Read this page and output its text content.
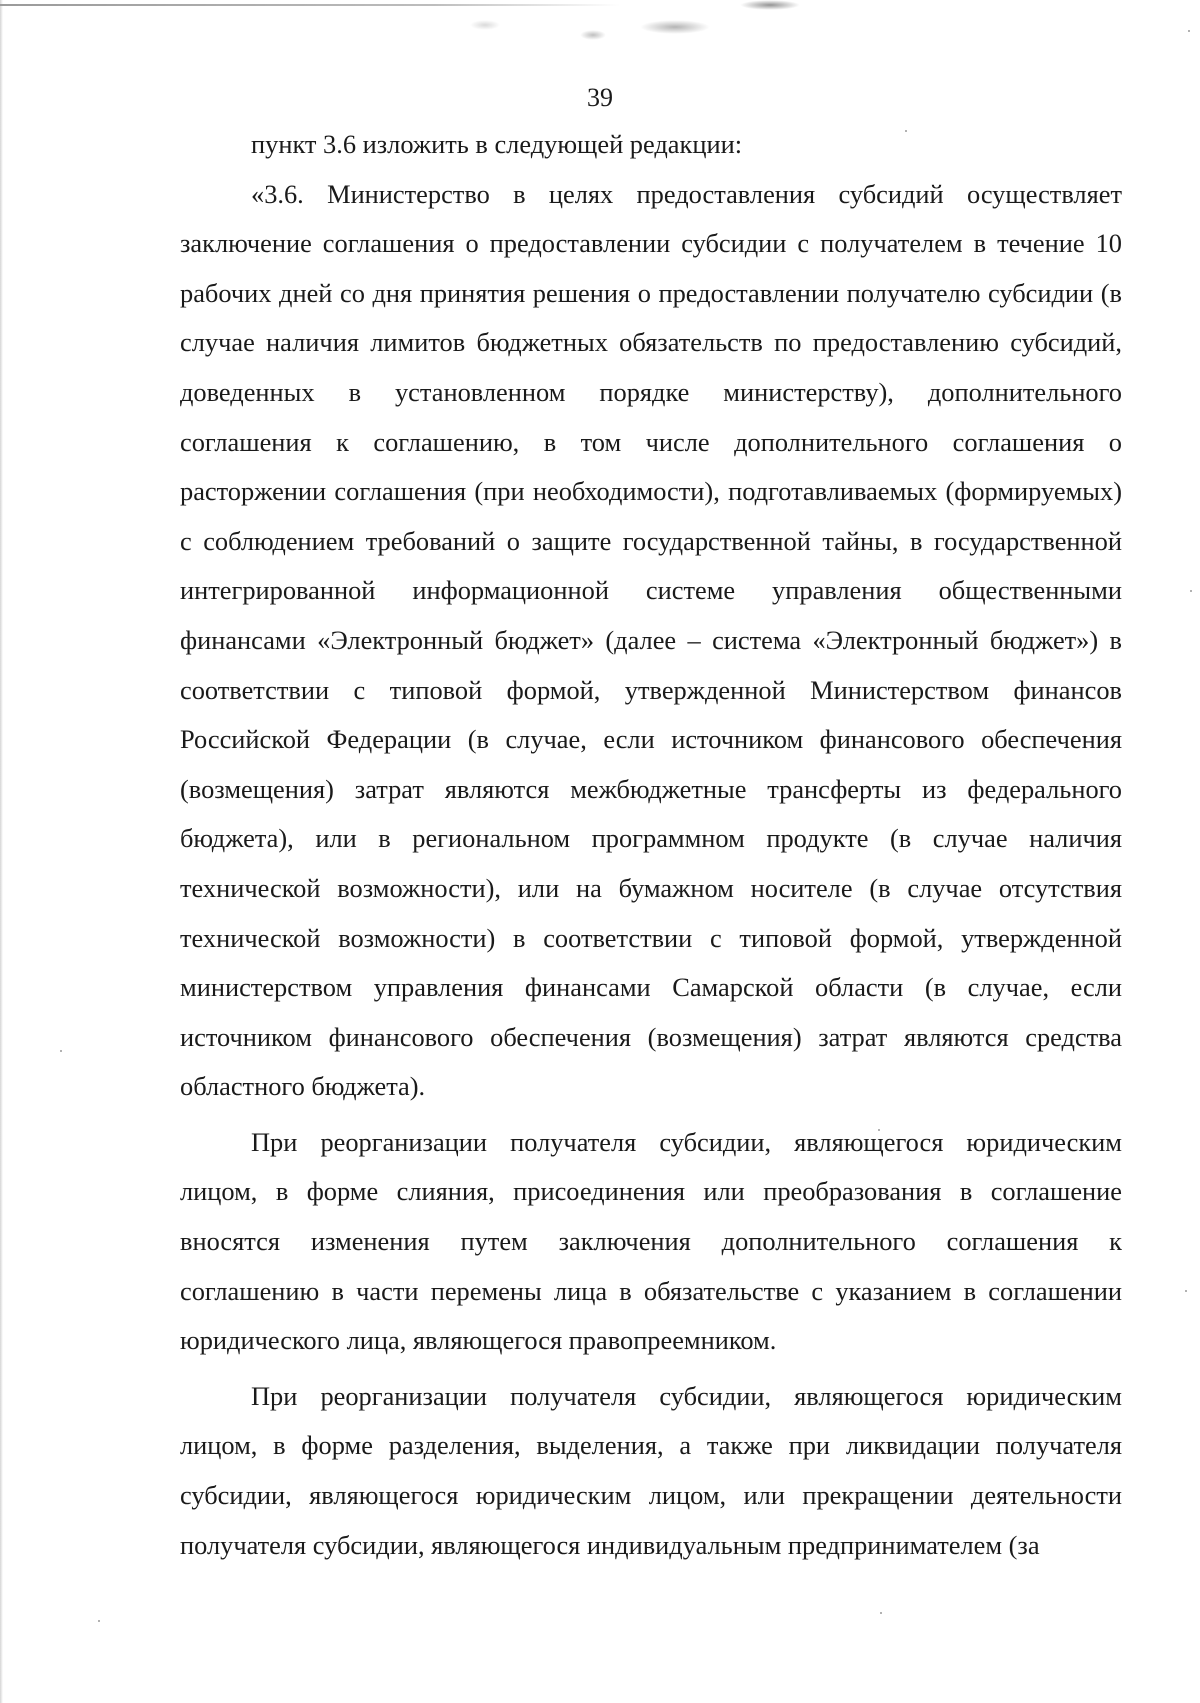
39

пункт 3.6 изложить в следующей редакции:

«3.6. Министерство в целях предоставления субсидий осуществляет заключение соглашения о предоставлении субсидии с получателем в течение 10 рабочих дней со дня принятия решения о предоставлении получателю субсидии (в случае наличия лимитов бюджетных обязательств по предоставлению субсидий, доведенных в установленном порядке министерству), дополнительного соглашения к соглашению, в том числе дополнительного соглашения о расторжении соглашения (при необходимости), подготавливаемых (формируемых) с соблюдением требований о защите государственной тайны, в государственной интегрированной информационной системе управления общественными финансами «Электронный бюджет» (далее – система «Электронный бюджет») в соответствии с типовой формой, утвержденной Министерством финансов Российской Федерации (в случае, если источником финансового обеспечения (возмещения) затрат являются межбюджетные трансферты из федерального бюджета), или в региональном программном продукте (в случае наличия технической возможности), или на бумажном носителе (в случае отсутствия технической возможности) в соответствии с типовой формой, утвержденной министерством управления финансами Самарской области (в случае, если источником финансового обеспечения (возмещения) затрат являются средства областного бюджета).

При реорганизации получателя субсидии, являющегося юридическим лицом, в форме слияния, присоединения или преобразования в соглашение вносятся изменения путем заключения дополнительного соглашения к соглашению в части перемены лица в обязательстве с указанием в соглашении юридического лица, являющегося правопреемником.

При реорганизации получателя субсидии, являющегося юридическим лицом, в форме разделения, выделения, а также при ликвидации получателя субсидии, являющегося юридическим лицом, или прекращении деятельности получателя субсидии, являющегося индивидуальным предпринимателем (за
